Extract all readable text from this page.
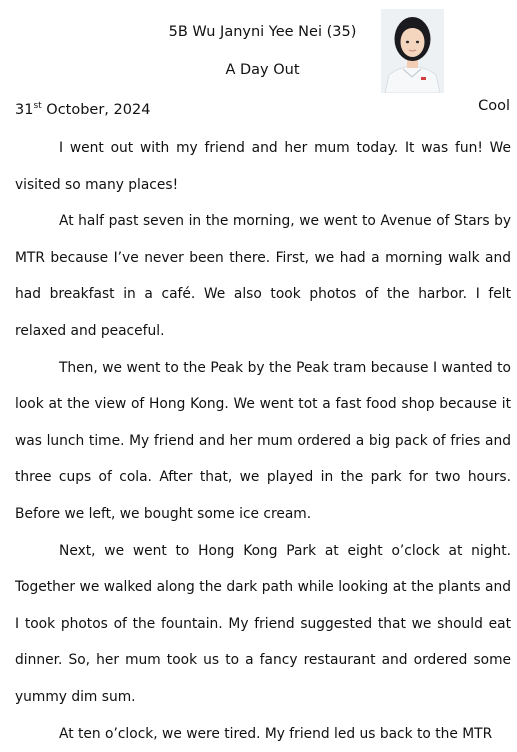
5B Wu Janyni Yee Nei (35)
A Day Out
31st October, 2024	Cool

I went out with my friend and her mum today. It was fun! We visited so many places!

At half past seven in the morning, we went to Avenue of Stars by MTR because I’ve never been there. First, we had a morning walk and had breakfast in a café. We also took photos of the harbor. I felt relaxed and peaceful.

Then, we went to the Peak by the Peak tram because I wanted to look at the view of Hong Kong. We went tot a fast food shop because it was lunch time. My friend and her mum ordered a big pack of fries and three cups of cola. After that, we played in the park for two hours. Before we left, we bought some ice cream.

Next, we went to Hong Kong Park at eight o’clock at night. Together we walked along the dark path while looking at the plants and I took photos of the fountain. My friend suggested that we should eat dinner. So, her mum took us to a fancy restaurant and ordered some yummy dim sum.

At ten o’clock, we were tired. My friend led us back to the MTR
